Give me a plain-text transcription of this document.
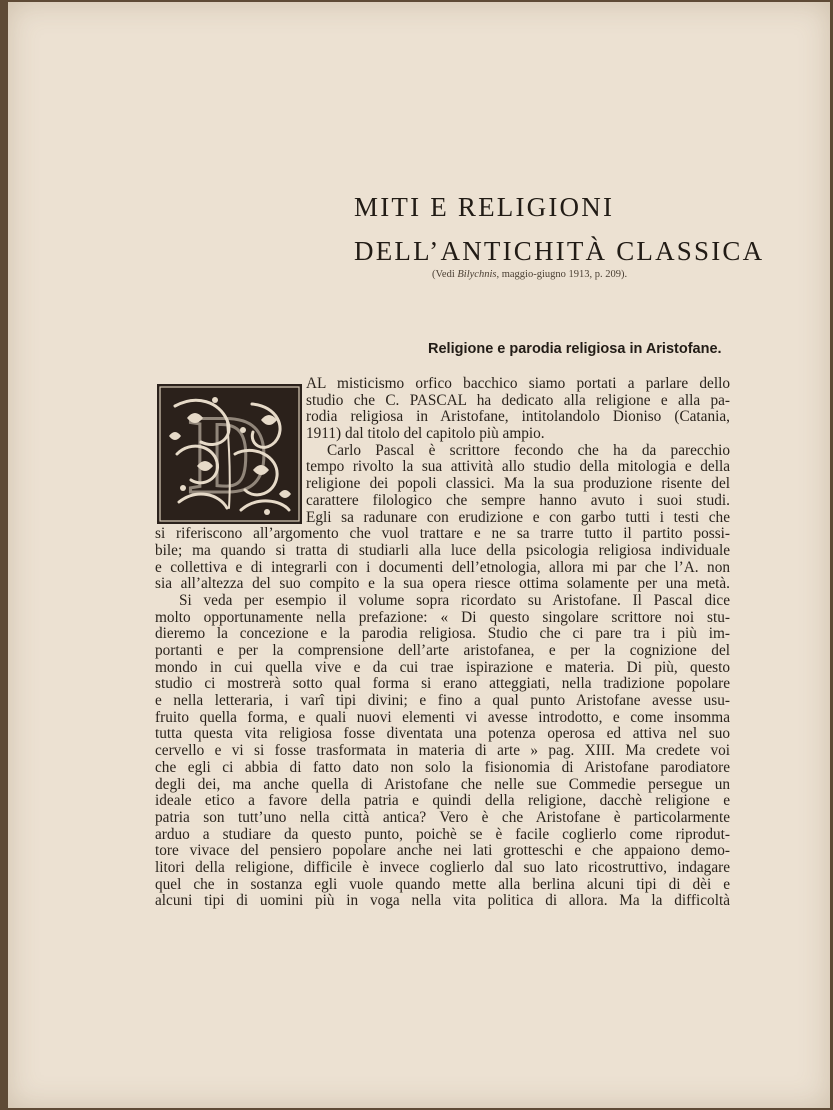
MITI E RELIGIONI
DELL’ANTICHITÀ CLASSICA
(Vedi Bilychnis, maggio-giugno 1913, p. 209).
Religione e parodia religiosa in Aristofane.
D
AL misticismo orfico bacchico siamo portati a parlare dello
studio che C. PASCAL ha dedicato alla religione e alla pa-
rodia religiosa in Aristofane, intitolandolo Dioniso (Catania,
1911) dal titolo del capitolo più ampio.
Carlo Pascal è scrittore fecondo che ha da parecchio
tempo rivolto la sua attività allo studio della mitologia e della
religione dei popoli classici. Ma la sua produzione risente del
carattere filologico che sempre hanno avuto i suoi studi.
Egli sa radunare con erudizione e con garbo tutti i testi che
si riferiscono all’argomento che vuol trattare e ne sa trarre tutto il partito possi-
bile; ma quando si tratta di studiarli alla luce della psicologia religiosa individuale
e collettiva e di integrarli con i documenti dell’etnologia, allora mi par che l’A. non
sia all’altezza del suo compito e la sua opera riesce ottima solamente per una metà.
Si veda per esempio il volume sopra ricordato su Aristofane. Il Pascal dice
molto opportunamente nella prefazione: « Di questo singolare scrittore noi stu-
dieremo la concezione e la parodia religiosa. Studio che ci pare tra i più im-
portanti e per la comprensione dell’arte aristofanea, e per la cognizione del
mondo in cui quella vive e da cui trae ispirazione e materia. Di più, questo
studio ci mostrerà sotto qual forma si erano atteggiati, nella tradizione popolare
e nella letteraria, i varî tipi divini; e fino a qual punto Aristofane avesse usu-
fruito quella forma, e quali nuovi elementi vi avesse introdotto, e come insomma
tutta questa vita religiosa fosse diventata una potenza operosa ed attiva nel suo
cervello e vi si fosse trasformata in materia di arte » pag. XIII. Ma credete voi
che egli ci abbia di fatto dato non solo la fisionomia di Aristofane parodiatore
degli dei, ma anche quella di Aristofane che nelle sue Commedie persegue un
ideale etico a favore della patria e quindi della religione, dacchè religione e
patria son tutt’uno nella città antica? Vero è che Aristofane è particolarmente
arduo a studiare da questo punto, poichè se è facile coglierlo come riprodut-
tore vivace del pensiero popolare anche nei lati grotteschi e che appaiono demo-
litori della religione, difficile è invece coglierlo dal suo lato ricostruttivo, indagare
quel che in sostanza egli vuole quando mette alla berlina alcuni tipi di dèi e
alcuni tipi di uomini più in voga nella vita politica di allora. Ma la difficoltà
